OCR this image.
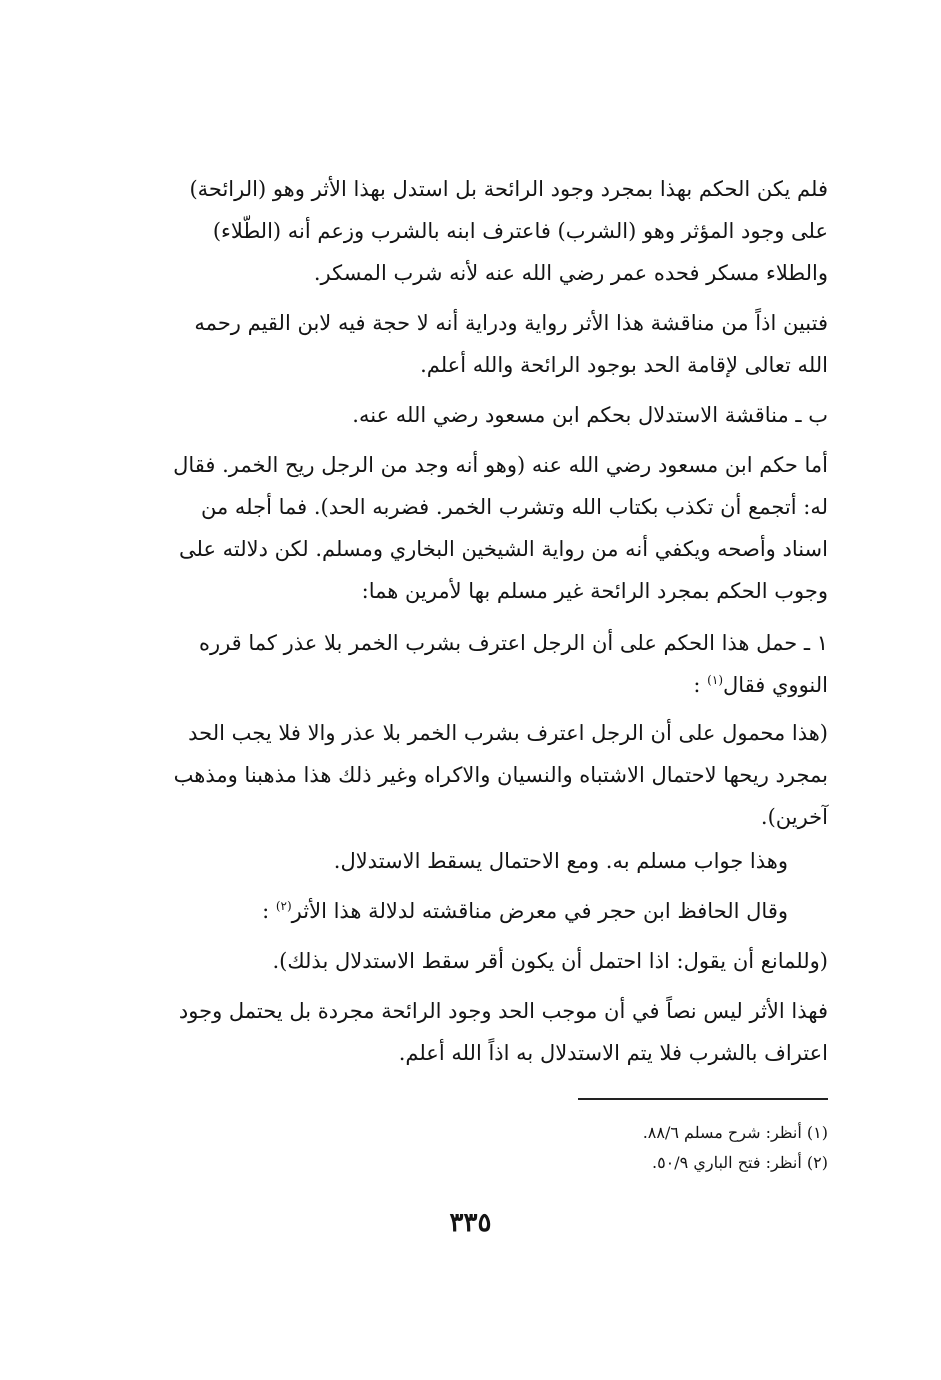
فلم يكن الحكم بهذا بمجرد وجود الرائحة بل استدل بهذا الأثر وهو (الرائحة)
على وجود المؤثر وهو (الشرب) فاعترف ابنه بالشرب وزعم أنه (الطّلاء)
والطلاء مسكر فحده عمر رضي الله عنه لأنه شرب المسكر.
فتبين اذاً من مناقشة هذا الأثر رواية ودراية أنه لا حجة فيه لابن القيم رحمه
الله تعالى لإقامة الحد بوجود الرائحة والله أعلم.
ب ـ مناقشة الاستدلال بحكم ابن مسعود رضي الله عنه.
أما حكم ابن مسعود رضي الله عنه (وهو أنه وجد من الرجل ريح الخمر. فقال
له: أتجمع أن تكذب بكتاب الله وتشرب الخمر. فضربه الحد). فما أجله من
اسناد وأصحه ويكفي أنه من رواية الشيخين البخاري ومسلم. لكن دلالته على
وجوب الحكم بمجرد الرائحة غير مسلم بها لأمرين هما:
١ ـ حمل هذا الحكم على أن الرجل اعترف بشرب الخمر بلا عذر كما قرره
النووي فقال$^{(١)}$ :
(هذا محمول على أن الرجل اعترف بشرب الخمر بلا عذر والا فلا يجب الحد
بمجرد ريحها لاحتمال الاشتباه والنسيان والاكراه وغير ذلك هذا مذهبنا ومذهب
آخرين).
وهذا جواب مسلم به. ومع الاحتمال يسقط الاستدلال.
وقال الحافظ ابن حجر في معرض مناقشته لدلالة هذا الأثر$^{(٢)}$ :
(وللمانع أن يقول: اذا احتمل أن يكون أقر سقط الاستدلال بذلك).
فهذا الأثر ليس نصاً في أن موجب الحد وجود الرائحة مجردة بل يحتمل وجود
اعتراف بالشرب فلا يتم الاستدلال به اذاً الله أعلم.
(١) أنظر: شرح مسلم ٨٨/٦.
(٢) أنظر: فتح الباري ٥٠/٩.
٣٣٥
